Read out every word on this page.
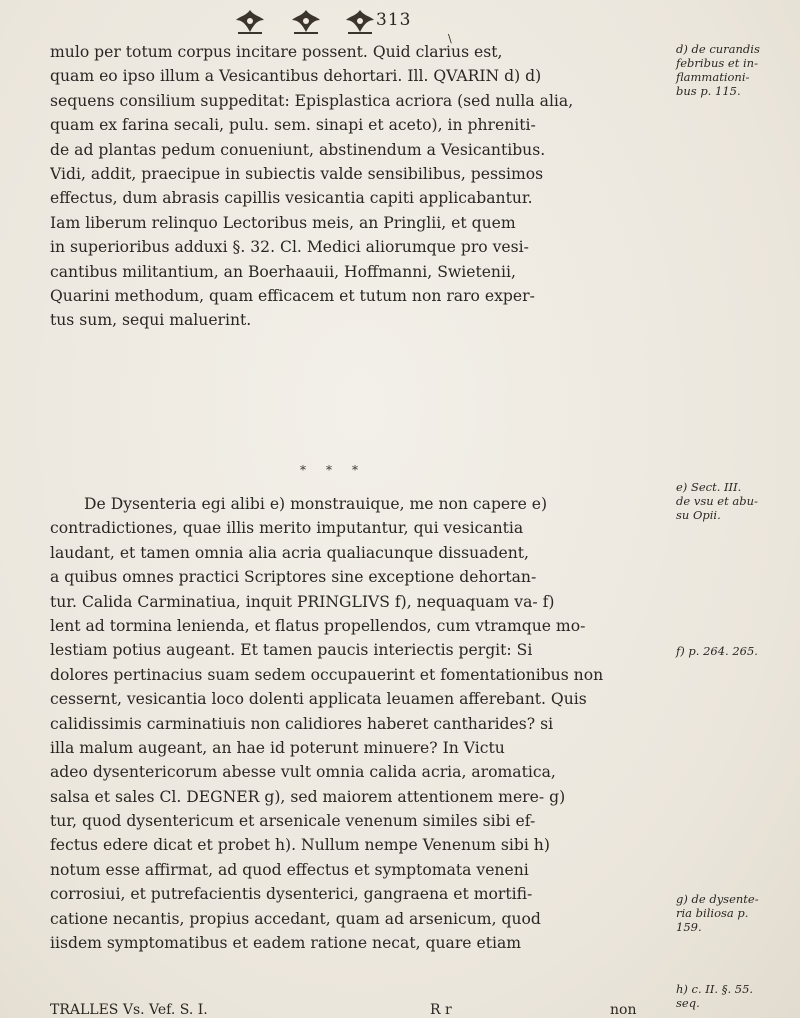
313
\
mulo per totum corpus incitare possent. Quid clarius est,
quam eo ipso illum a Vesicantibus dehortari. Ill. QVARIN d) d)
sequens consilium suppeditat: Episplastica acriora (sed nulla alia,
quam ex farina secali, pulu. sem. sinapi et aceto), in phreniti-
de ad plantas pedum conueniunt, abstinendum a Vesicantibus.
Vidi, addit, praecipue in subiectis valde sensibilibus, pessimos
effectus, dum abrasis capillis vesicantia capiti applicabantur.
Iam liberum relinquo Lectoribus meis, an Pringlii, et quem
in superioribus adduxi §. 32. Cl. Medici aliorumque pro vesi-
cantibus militantium, an Boerhaauii, Hoffmanni, Swietenii,
Quarini methodum, quam efficacem et tutum non raro exper-
tus sum, sequi maluerint.
***
De Dysenteria egi alibi e) monstrauique, me non capere e)
contradictiones, quae illis merito imputantur, qui vesicantia
laudant, et tamen omnia alia acria qualiacunque dissuadent,
a quibus omnes practici Scriptores sine exceptione dehortan-
tur. Calida Carminatiua, inquit PRINGLIVS f), nequaquam va- f)
lent ad tormina lenienda, et flatus propellendos, cum vtramque mo-
lestiam potius augeant. Et tamen paucis interiectis pergit: Si
dolores pertinacius suam sedem occupauerint et fomentationibus non
cessernt, vesicantia loco dolenti applicata leuamen afferebant. Quis
calidissimis carminatiuis non calidiores haberet cantharides? si
illa malum augeant, an hae id poterunt minuere? In Victu
adeo dysentericorum abesse vult omnia calida acria, aromatica,
salsa et sales Cl. DEGNER g), sed maiorem attentionem mere- g)
tur, quod dysentericum et arsenicale venenum similes sibi ef-
fectus edere dicat et probet h). Nullum nempe Venenum sibi h)
notum esse affirmat, ad quod effectus et symptomata veneni
corrosiui, et putrefacientis dysenterici, gangraena et mortifi-
catione necantis, propius accedant, quam ad arsenicum, quod
iisdem symptomatibus et eadem ratione necat, quare etiam
d) de curandis
febribus et in-
flammationi-
bus p. 115.
e) Sect. III.
de vsu et abu-
su Opii.
f) p. 264. 265.
g) de dysente-
ria biliosa p.
159.
h) c. II. §. 55.
seq.
TRALLES Vs. Vef. S. I.	R r	non
